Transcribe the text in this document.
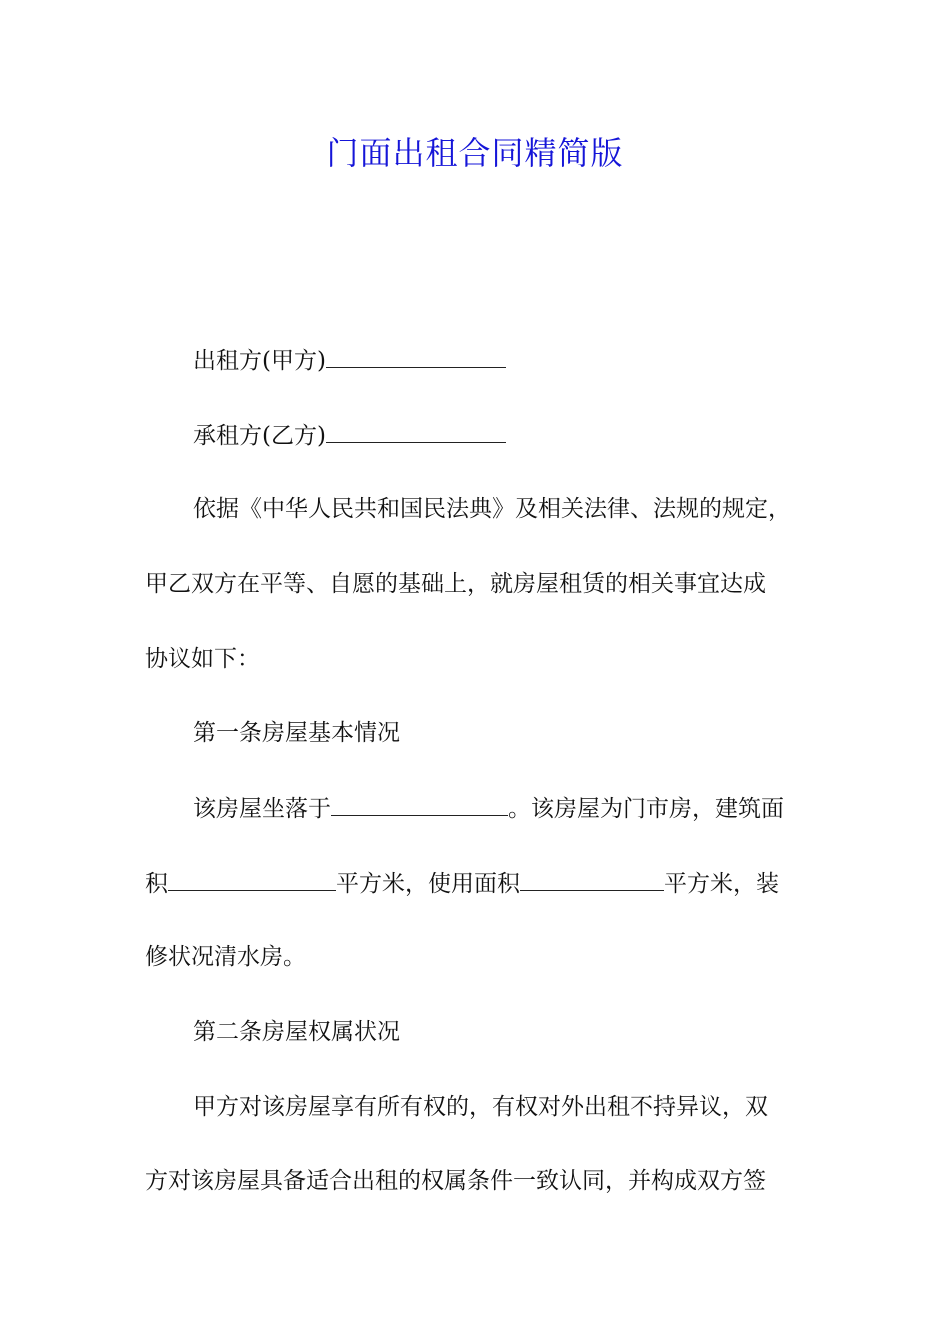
门面出租合同精简版
出租方(甲方)
承租方(乙方)
依据《中华人民共和国民法典》及相关法律、法规的规定，
甲乙双方在平等、自愿的基础上，就房屋租赁的相关事宜达成
协议如下：
第一条房屋基本情况
该房屋坐落于	。该房屋为门市房，建筑面
积	平方米，使用面积	平方米，装
修状况清水房。
第二条房屋权属状况
甲方对该房屋享有所有权的，有权对外出租不持异议，双
方对该房屋具备适合出租的权属条件一致认同，并构成双方签
